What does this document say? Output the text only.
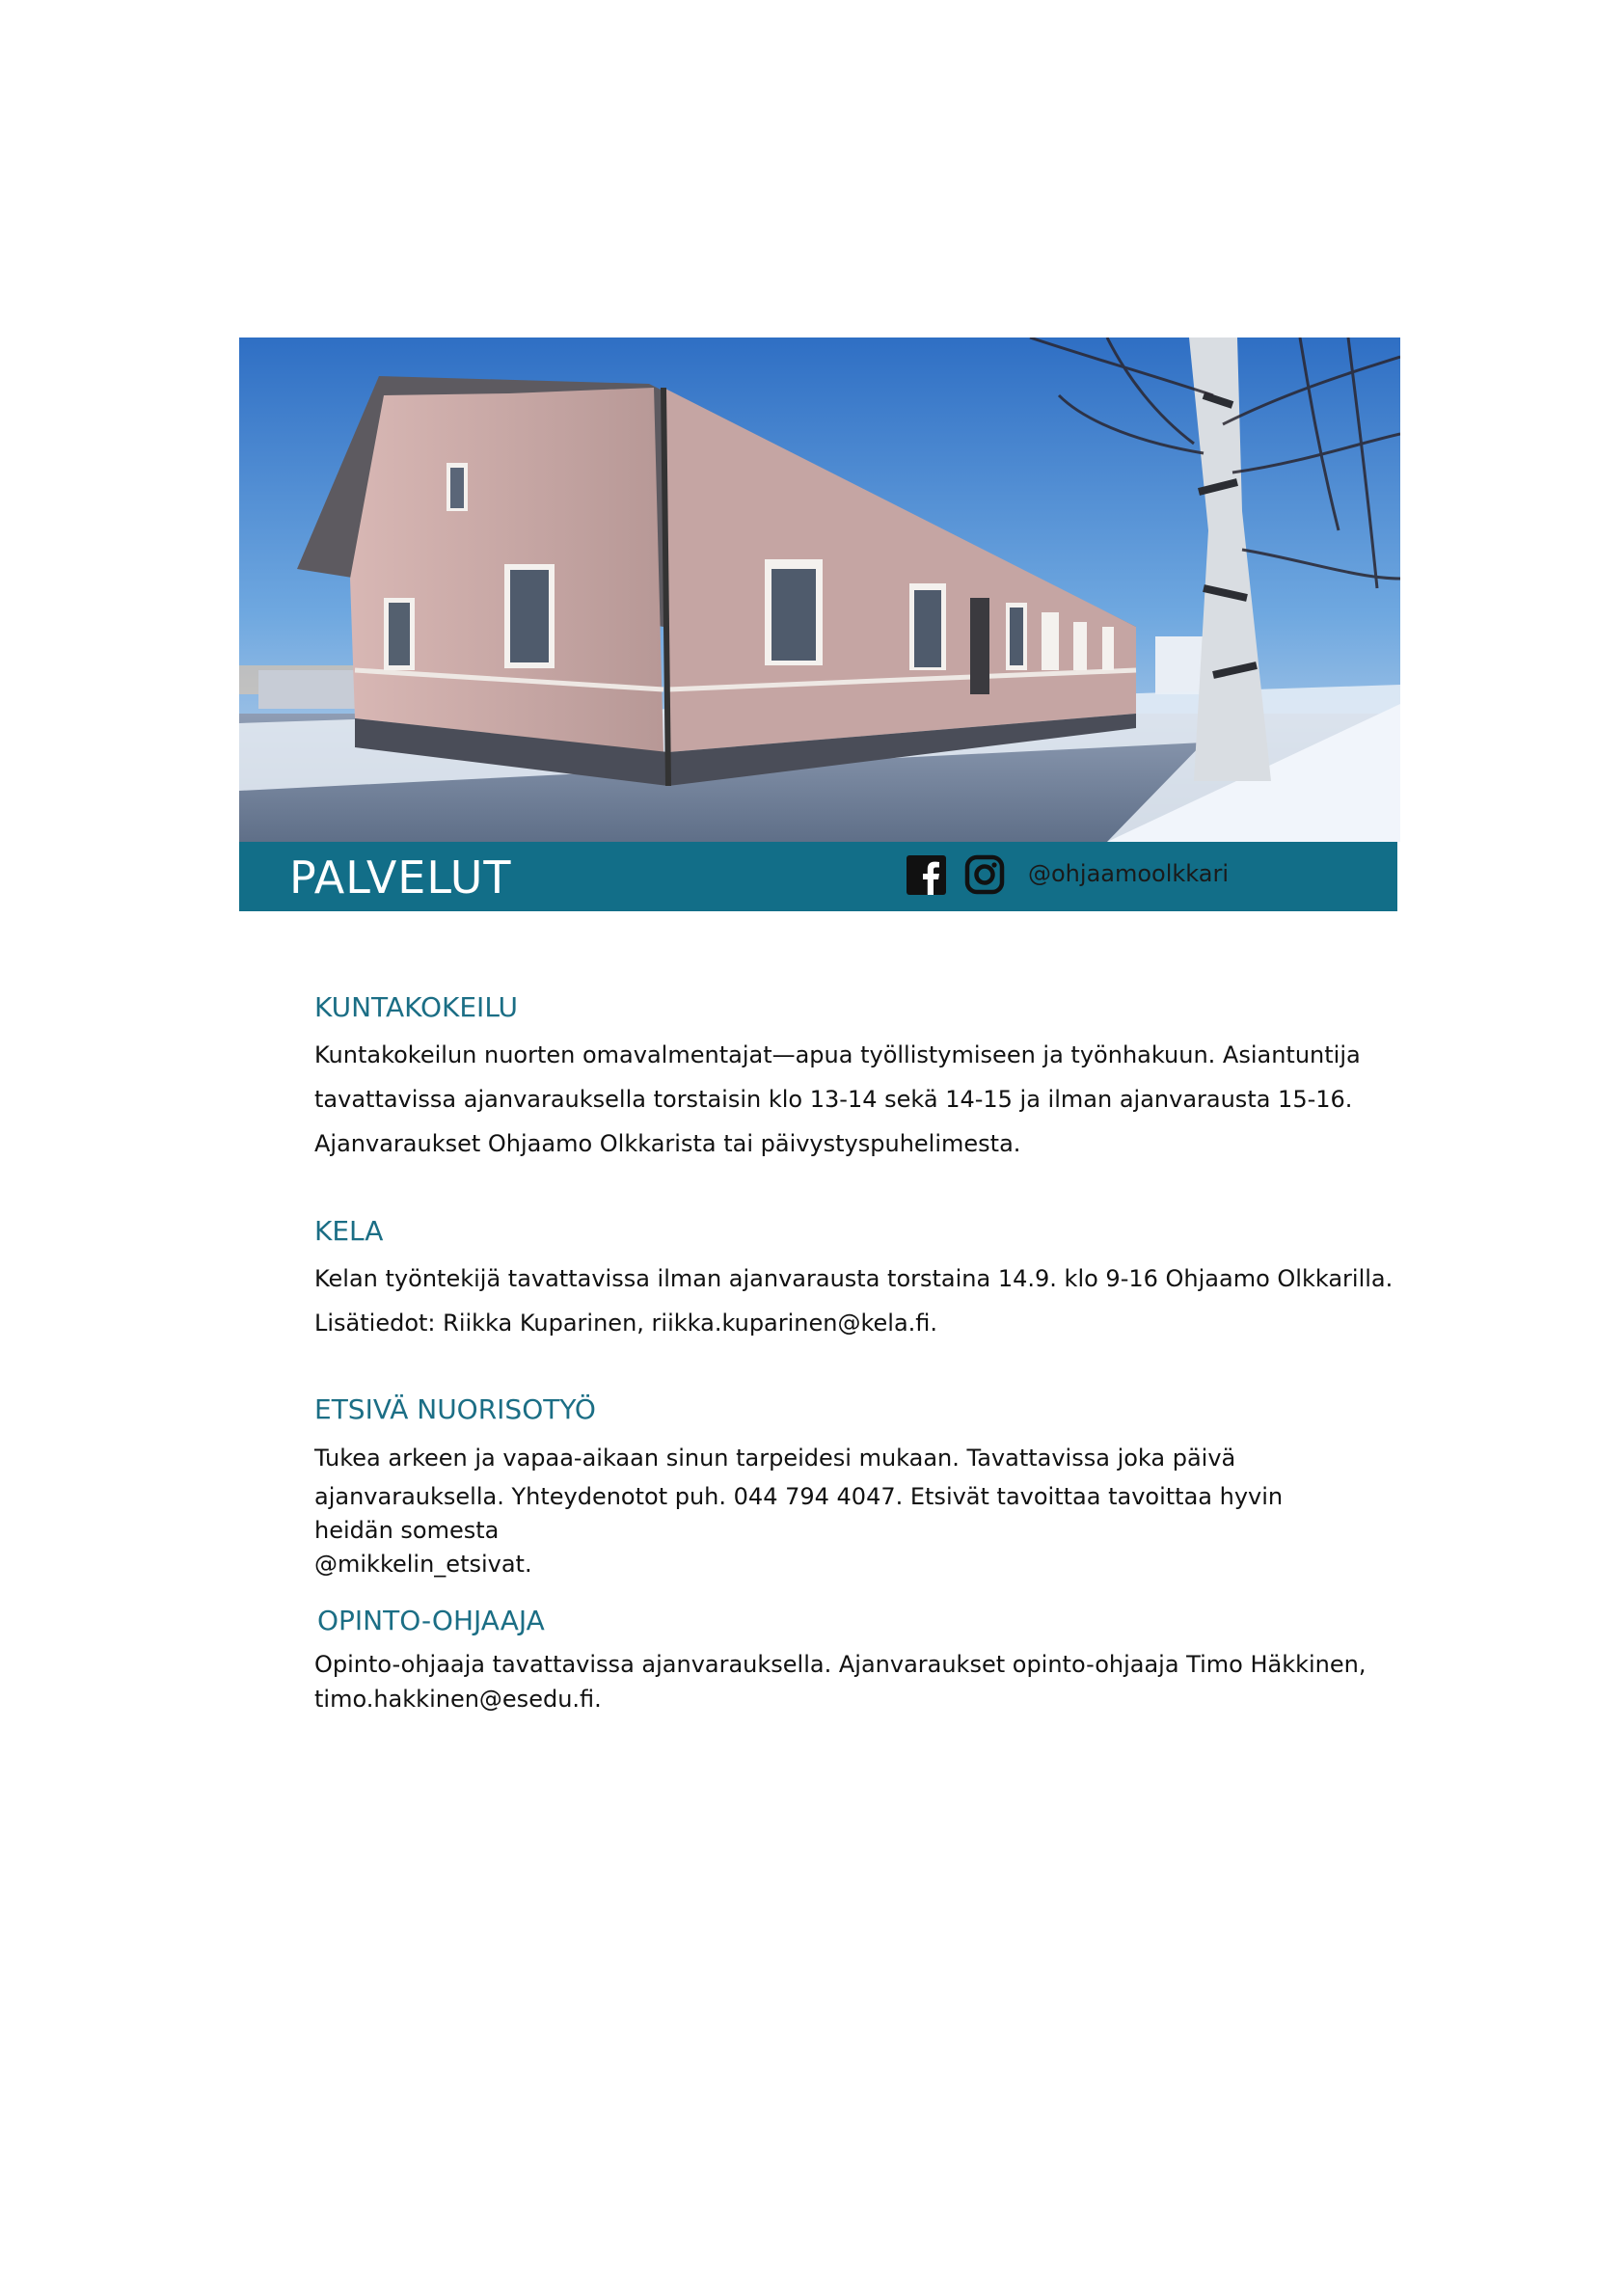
PALVELUT	@ohjaamoolkkari
KUNTAKOKEILU
Kuntakokeilun nuorten omavalmentajat—apua työllistymiseen ja työnhakuun. Asiantuntija
tavattavissa ajanvarauksella torstaisin klo 13-14 sekä 14-15 ja ilman ajanvarausta 15-16.
Ajanvaraukset Ohjaamo Olkkarista tai päivystyspuhelimesta.
KELA
Kelan työntekijä tavattavissa ilman ajanvarausta torstaina 14.9. klo 9-16 Ohjaamo Olkkarilla.
Lisätiedot: Riikka Kuparinen, riikka.kuparinen@kela.fi.
ETSIVÄ NUORISOTYÖ
Tukea arkeen ja vapaa-aikaan sinun tarpeidesi mukaan. Tavattavissa joka päivä
ajanvarauksella. Yhteydenotot puh. 044 794 4047. Etsivät tavoittaa tavoittaa hyvin
heidän somesta
@mikkelin_etsivat.
OPINTO-OHJAAJA
Opinto-ohjaaja tavattavissa ajanvarauksella. Ajanvaraukset opinto-ohjaaja Timo Häkkinen,
timo.hakkinen@esedu.fi.
